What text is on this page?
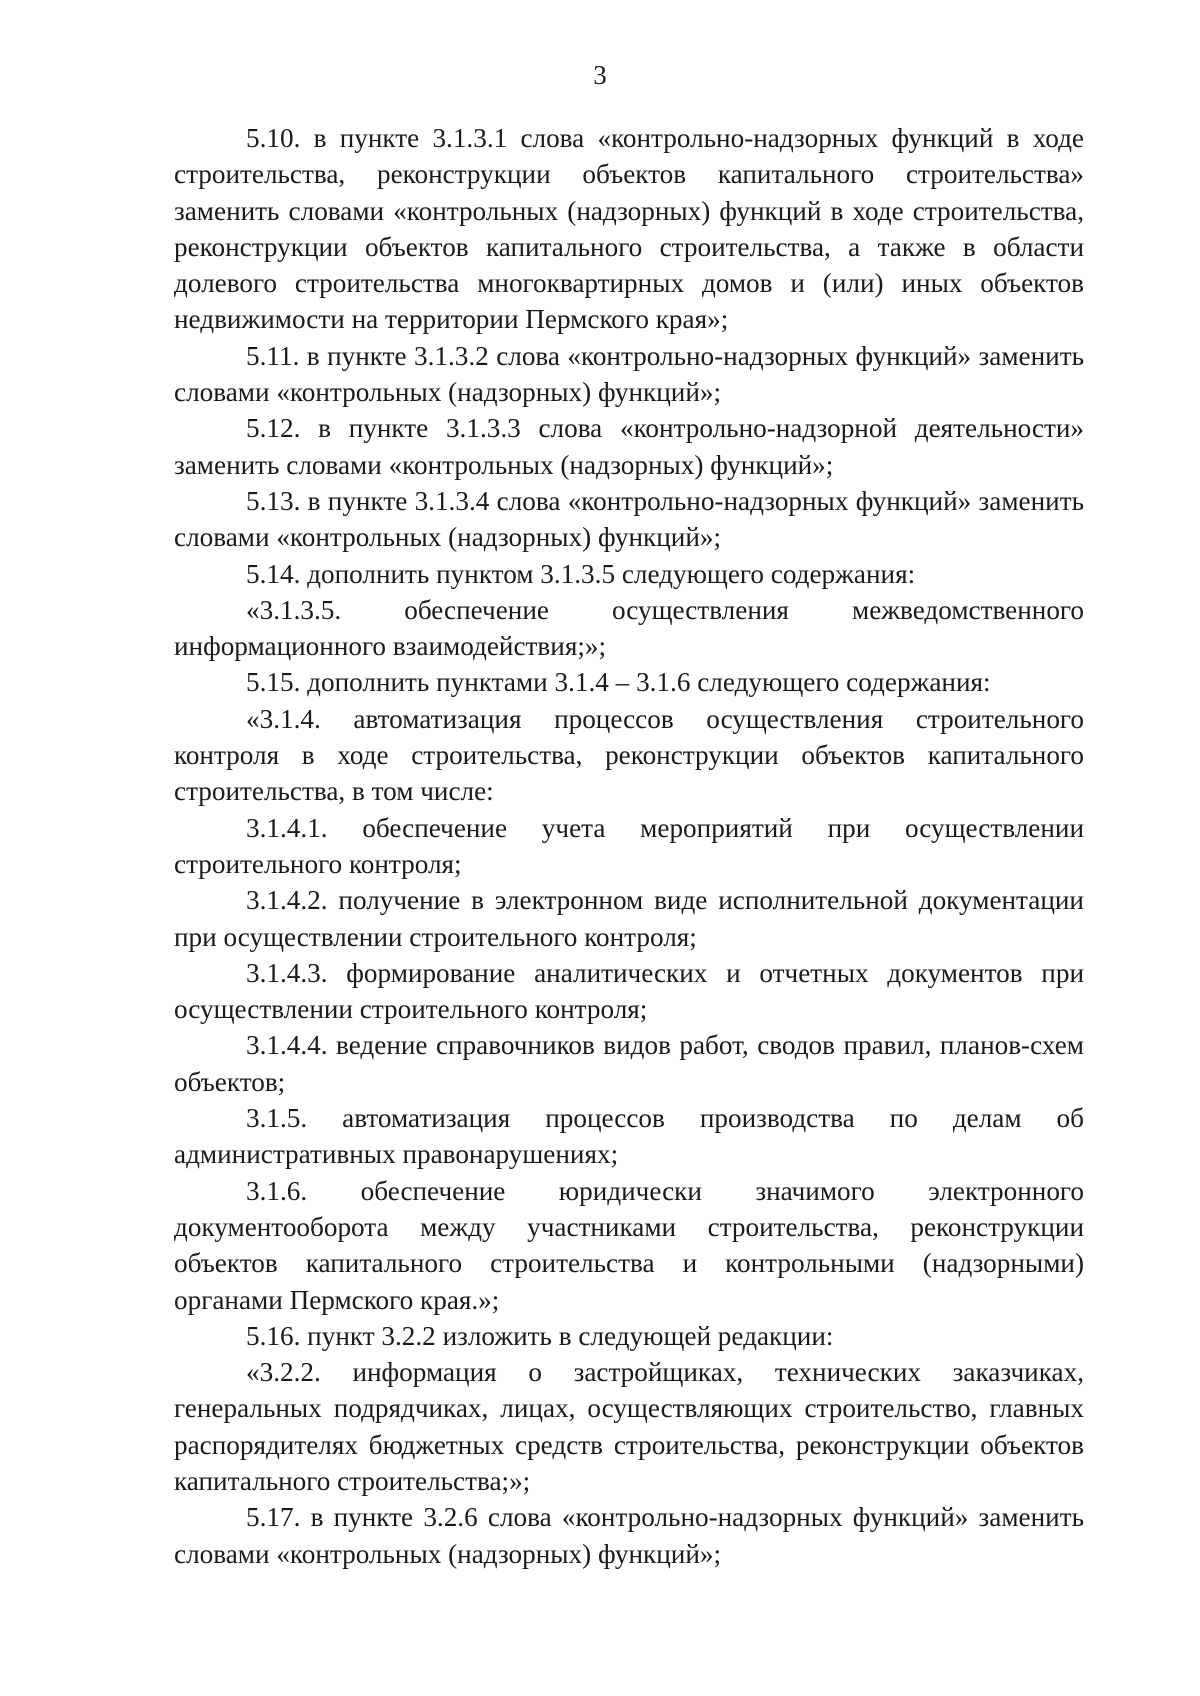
3

5.10. в пункте 3.1.3.1 слова «контрольно-надзорных функций в ходе строительства, реконструкции объектов капитального строительства» заменить словами «контрольных (надзорных) функций в ходе строительства, реконструкции объектов капитального строительства, а также в области долевого строительства многоквартирных домов и (или) иных объектов недвижимости на территории Пермского края»;

5.11. в пункте 3.1.3.2 слова «контрольно-надзорных функций» заменить словами «контрольных (надзорных) функций»;

5.12. в пункте 3.1.3.3 слова «контрольно-надзорной деятельности» заменить словами «контрольных (надзорных) функций»;

5.13. в пункте 3.1.3.4 слова «контрольно-надзорных функций» заменить словами «контрольных (надзорных) функций»;

5.14. дополнить пунктом 3.1.3.5 следующего содержания:

«3.1.3.5. обеспечение осуществления межведомственного информационного взаимодействия;»;

5.15. дополнить пунктами 3.1.4 – 3.1.6 следующего содержания:

«3.1.4. автоматизация процессов осуществления строительного контроля в ходе строительства, реконструкции объектов капитального строительства, в том числе:

3.1.4.1. обеспечение учета мероприятий при осуществлении строительного контроля;

3.1.4.2. получение в электронном виде исполнительной документации при осуществлении строительного контроля;

3.1.4.3. формирование аналитических и отчетных документов при осуществлении строительного контроля;

3.1.4.4. ведение справочников видов работ, сводов правил, планов-схем объектов;

3.1.5. автоматизация процессов производства по делам об административных правонарушениях;

3.1.6. обеспечение юридически значимого электронного документооборота между участниками строительства, реконструкции объектов капитального строительства и контрольными (надзорными) органами Пермского края.»;

5.16. пункт 3.2.2 изложить в следующей редакции:

«3.2.2. информация о застройщиках, технических заказчиках, генеральных подрядчиках, лицах, осуществляющих строительство, главных распорядителях бюджетных средств строительства, реконструкции объектов капитального строительства;»;

5.17. в пункте 3.2.6 слова «контрольно-надзорных функций» заменить словами «контрольных (надзорных) функций»;
